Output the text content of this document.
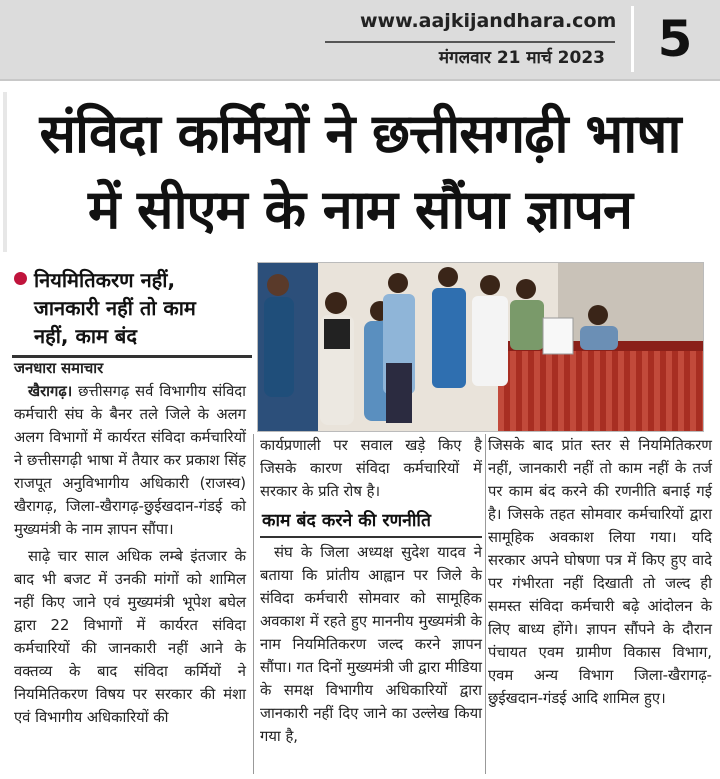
www.aajkijandhara.com
मंगलवार 21 मार्च 2023	5
संविदा कर्मियों ने छत्तीसगढ़ी भाषा
में सीएम के नाम सौंपा ज्ञापन
नियमितिकरण नहीं,
जानकारी नहीं तो काम
नहीं, काम बंद
जनधारा समाचार
खैरागढ़। छत्तीसगढ़ सर्व विभागीय संविदा कर्मचारी संघ के बैनर तले जिले के अलग अलग विभागों में कार्यरत संविदा कर्मचारियों ने छत्तीसगढ़ी भाषा में तैयार कर प्रकाश सिंह राजपूत अनुविभागीय अधिकारी (राजस्व) खैरागढ़, जिला-खैरागढ़-छुईखदान-गंडई को मुख्यमंत्री के नाम ज्ञापन सौंपा।
साढ़े चार साल अधिक लम्बे इंतजार के बाद भी बजट में उनकी मांगों को शामिल नहीं किए जाने एवं मुख्यमंत्री भूपेश बघेल द्वारा 22 विभागों में कार्यरत संविदा कर्मचारियों की जानकारी नहीं आने के वक्तव्य के बाद संविदा कर्मियों ने नियमितिकरण विषय पर सरकार की मंशा एवं विभागीय अधिकारियों की
कार्यप्रणाली पर सवाल खड़े किए है जिसके कारण संविदा कर्मचारियों में सरकार के प्रति रोष है।
काम बंद करने की रणनीति
संघ के जिला अध्यक्ष सुदेश यादव ने बताया कि प्रांतीय आह्वान पर जिले के संविदा कर्मचारी सोमवार को सामूहिक अवकाश में रहते हुए माननीय मुख्यमंत्री के नाम नियमितिकरण जल्द करने ज्ञापन सौंपा। गत दिनों मुख्यमंत्री जी द्वारा मीडिया के समक्ष विभागीय अधिकारियों द्वारा जानकारी नहीं दिए जाने का उल्लेख किया गया है,
जिसके बाद प्रांत स्तर से नियमितिकरण नहीं, जानकारी नहीं तो काम नहीं के तर्ज पर काम बंद करने की रणनीति बनाई गई है। जिसके तहत सोमवार कर्मचारियों द्वारा सामूहिक अवकाश लिया गया। यदि सरकार अपने घोषणा पत्र में किए हुए वादे पर गंभीरता नहीं दिखाती तो जल्द ही समस्त संविदा कर्मचारी बढ़े आंदोलन के लिए बाध्य होंगे। ज्ञापन सौंपने के दौरान पंचायत एवम ग्रामीण विकास विभाग, एवम अन्य विभाग जिला-खैरागढ़- छुईखदान-गंडई आदि शामिल हुए।
